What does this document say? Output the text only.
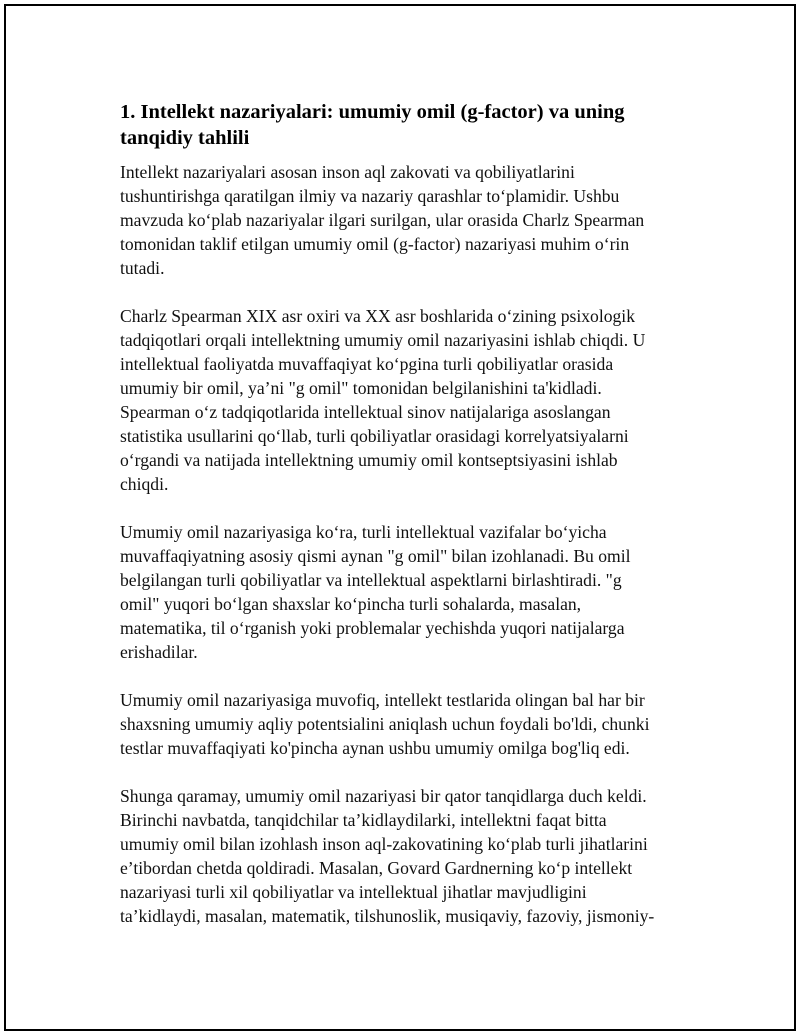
1. Intellekt nazariyalari: umumiy omil (g-factor) va uning
tanqidiy tahlili
Intellekt nazariyalari asosan inson aql zakovati va qobiliyatlarini
tushuntirishga qaratilgan ilmiy va nazariy qarashlar to‘plamidir. Ushbu
mavzuda ko‘plab nazariyalar ilgari surilgan, ular orasida Charlz Spearman
tomonidan taklif etilgan umumiy omil (g-factor) nazariyasi muhim o‘rin
tutadi.
Charlz Spearman XIX asr oxiri va XX asr boshlarida o‘zining psixologik
tadqiqotlari orqali intellektning umumiy omil nazariyasini ishlab chiqdi. U
intellektual faoliyatda muvaffaqiyat ko‘pgina turli qobiliyatlar orasida
umumiy bir omil, ya’ni "g omil" tomonidan belgilanishini ta'kidladi.
Spearman o‘z tadqiqotlarida intellektual sinov natijalariga asoslangan
statistika usullarini qo‘llab, turli qobiliyatlar orasidagi korrelyatsiyalarni
o‘rgandi va natijada intellektning umumiy omil kontseptsiyasini ishlab
chiqdi.
Umumiy omil nazariyasiga ko‘ra, turli intellektual vazifalar bo‘yicha
muvaffaqiyatning asosiy qismi aynan "g omil" bilan izohlanadi. Bu omil
belgilangan turli qobiliyatlar va intellektual aspektlarni birlashtiradi. "g
omil" yuqori bo‘lgan shaxslar ko‘pincha turli sohalarda, masalan,
matematika, til o‘rganish yoki problemalar yechishda yuqori natijalarga
erishadilar.
Umumiy omil nazariyasiga muvofiq, intellekt testlarida olingan bal har bir
shaxsning umumiy aqliy potentsialini aniqlash uchun foydali bo'ldi, chunki
testlar muvaffaqiyati ko'pincha aynan ushbu umumiy omilga bog'liq edi.
Shunga qaramay, umumiy omil nazariyasi bir qator tanqidlarga duch keldi.
Birinchi navbatda, tanqidchilar ta’kidlaydilarki, intellektni faqat bitta
umumiy omil bilan izohlash inson aql-zakovatining ko‘plab turli jihatlarini
e’tibordan chetda qoldiradi. Masalan, Govard Gardnerning ko‘p intellekt
nazariyasi turli xil qobiliyatlar va intellektual jihatlar mavjudligini
ta’kidlaydi, masalan, matematik, tilshunoslik, musiqaviy, fazoviy, jismoniy-
